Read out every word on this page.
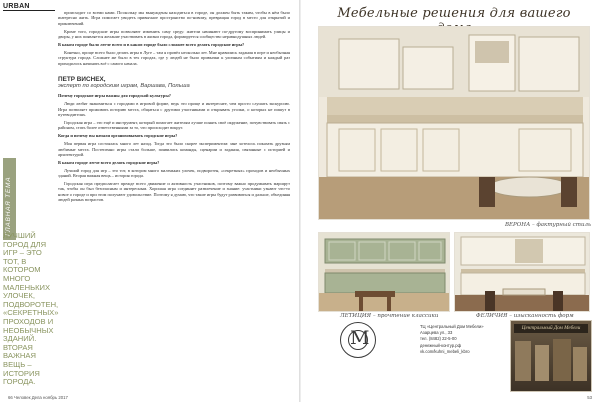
URBAN
ГЛАВНАЯ ТЕМА
ЛУЧШИЙ ГОРОД ДЛЯ ИГР – ЭТО ТОТ, В КОТОРОМ МНОГО МАЛЕНЬКИХ УЛОЧЕК, ПОДВОРОТЕН, «СЕКРЕТНЫХ» ПРОХОДОВ И НЕОБЫЧНЫХ ЗДАНИЙ. ВТОРАЯ ВАЖНАЯ ВЕЩЬ – ИСТОРИЯ ГОРОДА.

происходит со всеми нами. Поскольку мы вынуждены находиться в городе, он должен быть таким, чтобы в нём было интересно жить. Игра помогает увидеть привычное пространство по-новому, превращая город в место для открытий и приключений.

Кроме того, городские игры позволяют изменить саму среду: жители начинают по-другому воспринимать улицы и дворы, у них появляется желание участвовать в жизни города, формируется сообщество неравнодушных людей.

В каком городе было легче всего и в каком городе было сложнее всего делать городские игры?

Конечно, проще всего было делать игры в Луге – там я провёл несколько лет. Мне нравились задания в игре и необычная структура города. Сложнее же было в тех городах, где у людей не было привычки к уличным событиям и каждый раз приходилось начинать всё с самого начала.

ПЕТР ВИСНЕХ,
эксперт по городским играм, Варшава, Польша

Почему городские игры важны для городской культуры?

Люди любят знакомиться с городами в игровой форме, ведь это проще и интереснее, чем просто слушать экскурсию. Игра позволяет проживать историю места, общаться с другими участниками и открывать уголки, о которых не пишут в путеводителях.

Городская игра – это ещё и инструмент, который помогает жителям лучше понять своё окружение, почувствовать связь с районом, стать более ответственными за то, что происходит вокруг.

Когда и почему вы начали организовывать городские игры?

Моя первая игра состоялась много лет назад. Тогда это было скорее экспериментом: мне хотелось показать друзьям любимые места. Постепенно игры стали больше, появились команды, сценарии и задания, связанные с историей и архитектурой.

В каком городе легче всего делать городские игры?

Лучший город для игр – это тот, в котором много маленьких улочек, подворотен, «секретных» проходов и необычных зданий. Вторая важная вещь – история города.

Городская игра предполагает прежде всего движение и активность участников, поэтому важно продумывать маршрут так, чтобы он был безопасным и интересным. Хорошая игра соединяет развлечение и знание: участники узнают что-то новое о городе и при этом получают удовольствие. Поэтому я думаю, что такие игры будут развиваться и дальше, объединяя людей разных возрастов.

66 Человек Дела ноябрь 2017
Мебельные решения для вашего
ВЕРОНА – фактурный стиль
ЛЕТИЦИЯ – прочтение классики	ФЕЛИЧИЯ – изысканность форм
М
ТЦ «Центральный Дом Мебели»
Азарцева ул., 33
тел. (8482) 22-5-00
денежный-контур.рф
vk.com/kuhni_mebeli_kbro
Центральный Дом Мебели
53
